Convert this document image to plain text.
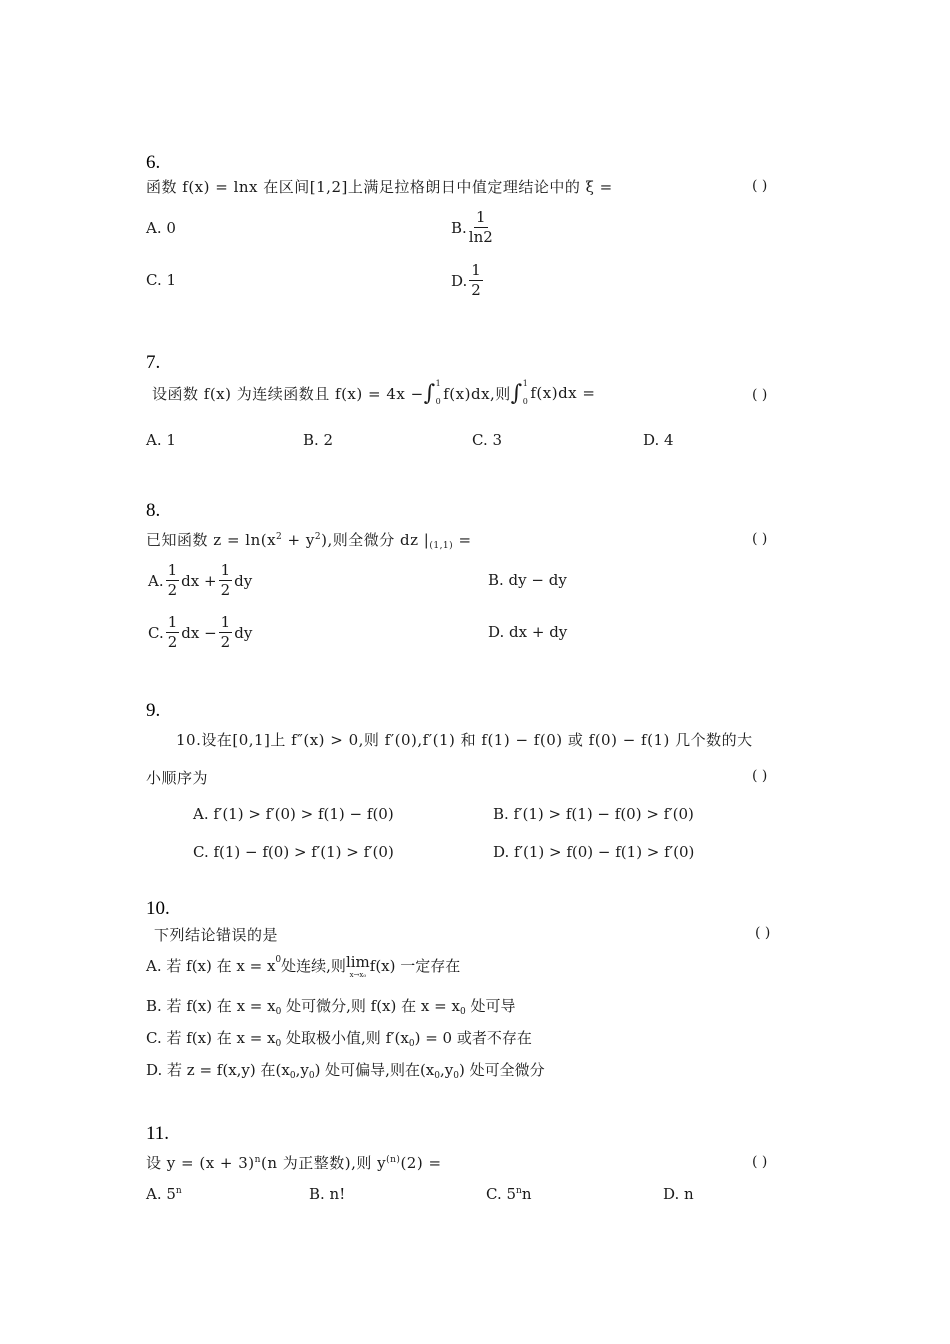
6.
函数 f(x) = lnx 在区间[1,2]上满足拉格朗日中值定理结论中的 ξ =	( )
A. 0	B. $\frac{1}{\ln 2}$
C. 1	D. $\frac{1}{2}$
7.
设函数 f(x) 为连续函数且 f(x) = 4x − ∫ 1
0 f(x)dx,则 ∫ 1
0 f(x)dx =	( )
A. 1	B. 2	C. 3	D. 4
8.
已知函数 $z = \ln(x^2 + y^2)$,则全微分 dz $|_{(1,1)}$ =	( )
A. $\frac{1}{2}$ dx + $\frac{1}{2}$ dy	B. dy − dy
C. $\frac{1}{2}$ dx − $\frac{1}{2}$ dy	D. dx + dy
9.
10.设在[0,1]上 f″(x) > 0,则 f′(0),f′(1) 和 f(1) − f(0) 或 f(0) − f(1) 几个数的大
小顺序为	( )
A. f′(1) > f′(0) > f(1) − f(0)	B. f′(1) > f(1) − f(0) > f′(0)
C. f(1) − f(0) > f′(1) > f′(0)	D. f′(1) > f(0) − f(1) > f′(0)
10.
下列结论错误的是	( )
A. 若 f(x) 在 x = x 0 处连续,则 lim
x→x₀ f(x) 一定存在
B. 若 f(x) 在 $x = x_0$ 处可微分,则 f(x) 在 $x = x_0$ 处可导
C. 若 f(x) 在 $x = x_0$ 处取极小值,则 $f'(x_0) = 0$ 或者不存在
D. 若 z = f(x,y) 在$(x_0,y_0)$ 处可偏导,则在$(x_0,y_0)$ 处可全微分
11.
设 $y = (x + 3)^n(n$ 为正整数),则 $y^{(n)}(2)$ =	( )
A. 5$^n$	B. n!	C. 5$^n$n	D. n
